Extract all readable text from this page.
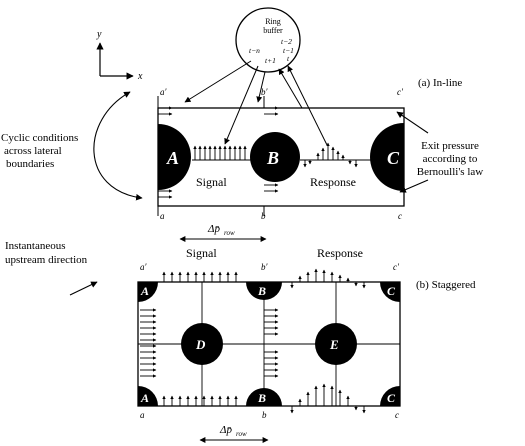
Ring
buffer
t−2
t−1
t
t−n
t+1
y
x
A	B	C
a′	b′	c′
a	b	c
Signal	Response
(a) In-line
Δp̄ row
Cyclic conditions
across lateral
boundaries
Instantaneous
upstream direction
Exit pressure
according to
Bernoulli's law
A	B	C
D	E
A	B	C
a′	b′	c′
a	b	c
Signal	Response
(b) Staggered
Δp̄ row
